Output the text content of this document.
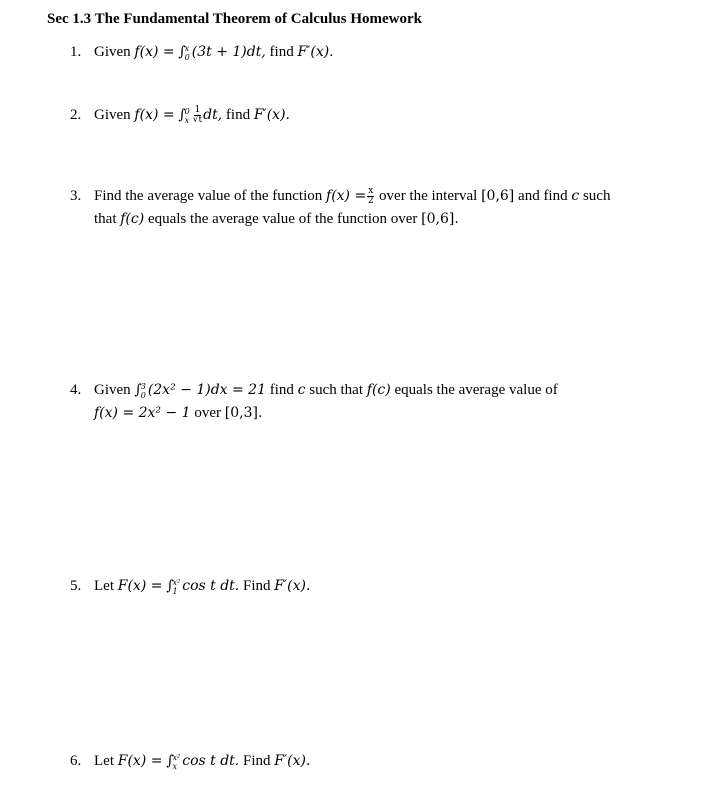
Sec 1.3 The Fundamental Theorem of Calculus Homework
1. Given f(x) = ∫ x
0 (3t + 1)dt, find F′(x).
2. Given f(x) = ∫ 0
x $\frac{1}{√t}$ dt, find F′(x).
3. Find the average value of the function $f(x) = \frac{x}{2}$ over the interval [0,6] and find c such
that f(c) equals the average value of the function over [0,6].
4. Given ∫ 3
0 (2x² − 1)dx = 21 find c such that f(c) equals the average value of
f(x) = 2x² − 1 over [0,3].
5. Let F(x) = ∫ x²
1 cos t dt. Find F′(x).
6. Let F(x) = ∫ x²
x cos t dt. Find F′(x).
